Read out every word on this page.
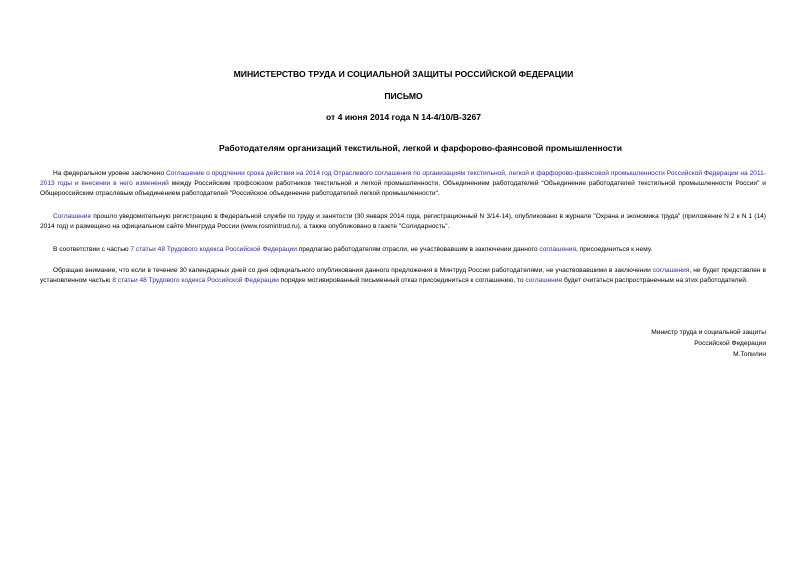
МИНИСТЕРСТВО ТРУДА И СОЦИАЛЬНОЙ ЗАЩИТЫ РОССИЙСКОЙ ФЕДЕРАЦИИ
ПИСЬМО
от 4 июня 2014 года N 14-4/10/В-3267
Работодателям организаций текстильной, легкой и фарфорово-фаянсовой промышленности

На федеральном уровне заключено Соглашение о продлении срока действия на 2014 год Отраслевого соглашения по организациям текстильной, легкой и фарфорово-фаянсовой промышленности Российской Федерации на 2011-2013 годы и внесении в него изменений между Российским профсоюзом работников текстильной и легкой промышленности, Объединением работодателей "Объединение работодателей текстильной промышленности России" и Общероссийским отраслевым объединением работодателей "Российское объединение работодателей легкой промышленности".

Соглашение прошло уведомительную регистрацию в Федеральной службе по труду и занятости (30 января 2014 года, регистрационный N 3/14-14), опубликовано в журнале "Охрана и экономика труда" (приложение N 2 к N 1 (14) 2014 год) и размещено на официальном сайте Минтруда России (www.rosmintrud.ru), а также опубликовано в газете "Солидарность".

В соответствии с частью 7 статьи 48 Трудового кодекса Российской Федерации предлагаю работодателям отрасли, не участвовавшим в заключении данного соглашения, присоединиться к нему.

Обращаю внимание, что если в течение 30 календарных дней со дня официального опубликования данного предложения в Минтруд России работодателями, не участвовавшими в заключении соглашения, не будет представлен в установленном частью 8 статьи 48 Трудового кодекса Российской Федерации порядке мотивированный письменный отказ присоединиться к соглашению, то соглашение будет считаться распространенным на этих работодателей.

Министр труда и социальной защиты
Российской Федерации
М.Топилин
